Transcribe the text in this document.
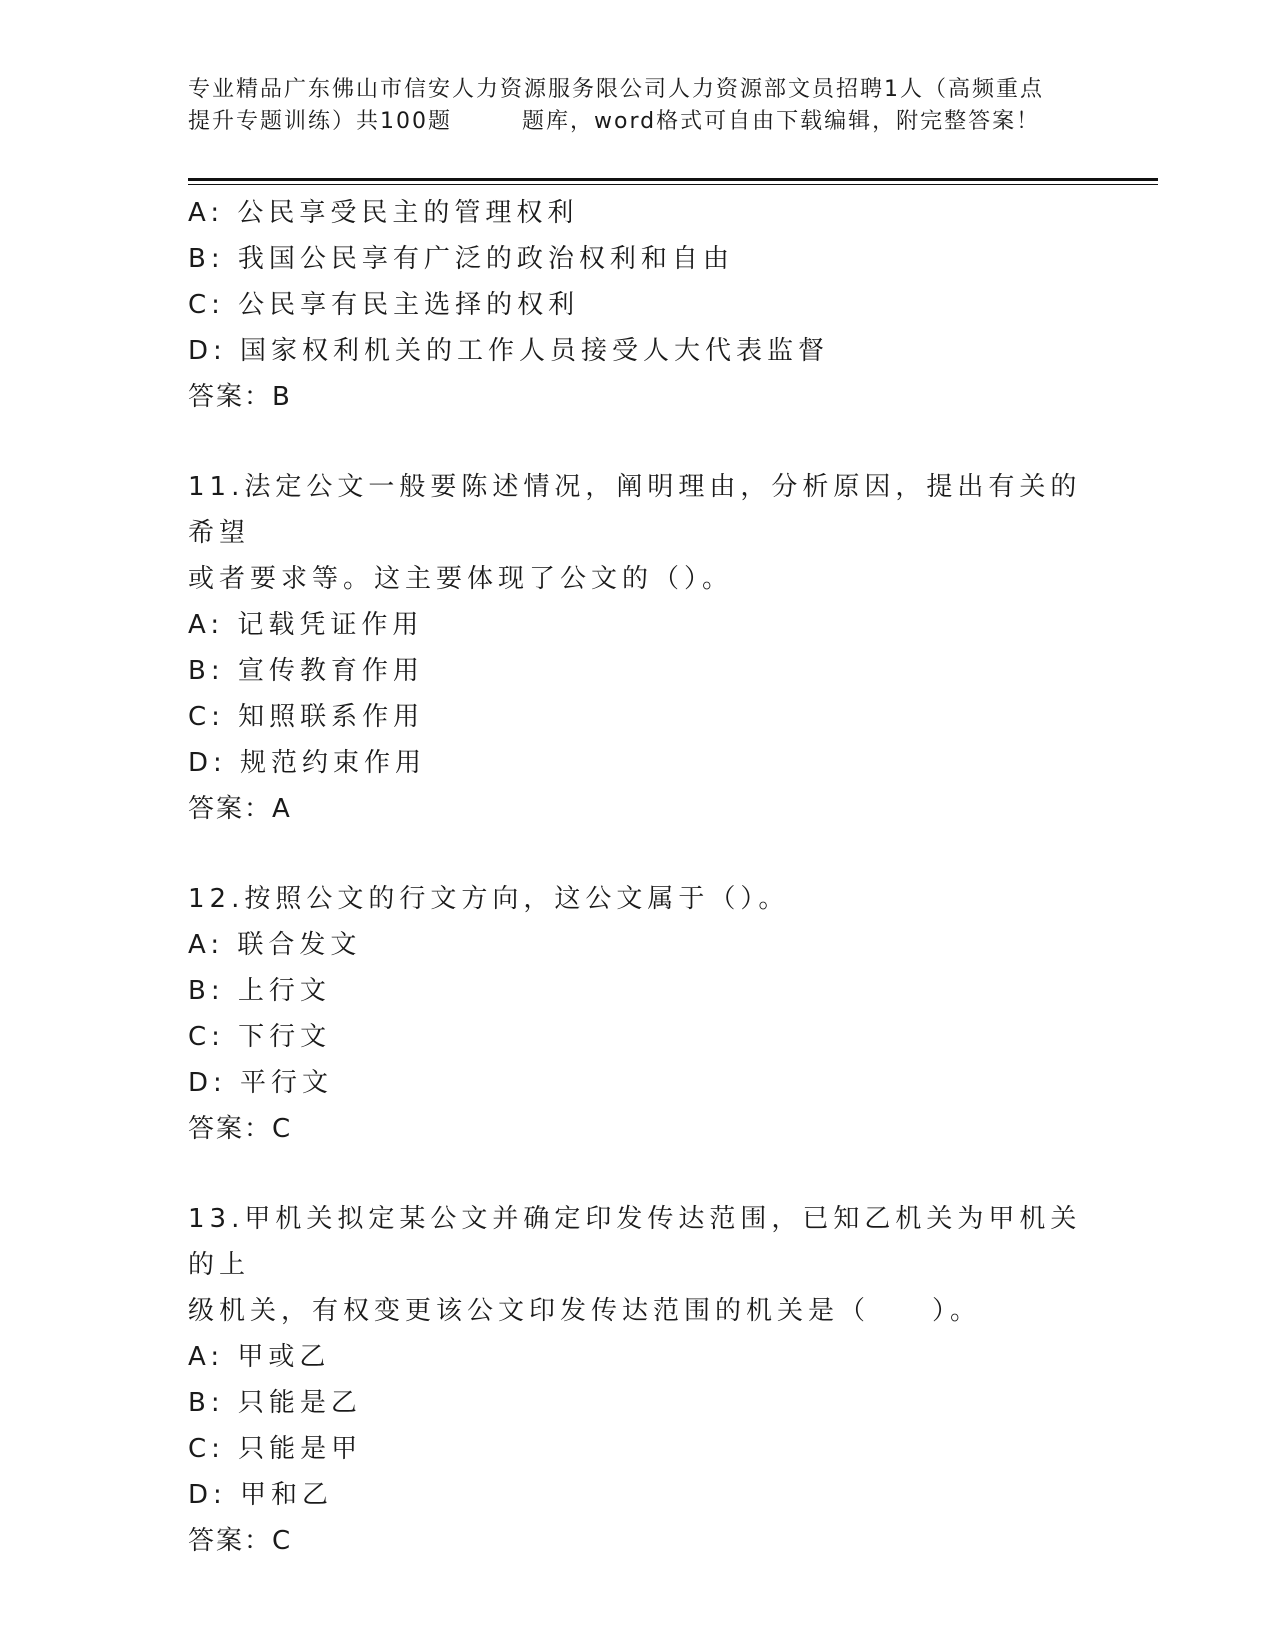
专业精品广东佛山市信安人力资源服务限公司人力资源部文员招聘1人（高频重点
提升专题训练）共100题	题库，word格式可自由下载编辑，附完整答案！
A: 公民享受民主的管理权利
B: 我国公民享有广泛的政治权利和自由
C: 公民享有民主选择的权利
D: 国家权利机关的工作人员接受人大代表监督
答案：B
11.法定公文一般要陈述情况，阐明理由，分析原因，提出有关的希望
或者要求等。这主要体现了公文的（）。
A: 记载凭证作用
B: 宣传教育作用
C: 知照联系作用
D: 规范约束作用
答案：A
12.按照公文的行文方向，这公文属于（）。
A: 联合发文
B: 上行文
C: 下行文
D: 平行文
答案：C
13.甲机关拟定某公文并确定印发传达范围，已知乙机关为甲机关的上
级机关，有权变更该公文印发传达范围的机关是（　　）。
A: 甲或乙
B: 只能是乙
C: 只能是甲
D: 甲和乙
答案：C
